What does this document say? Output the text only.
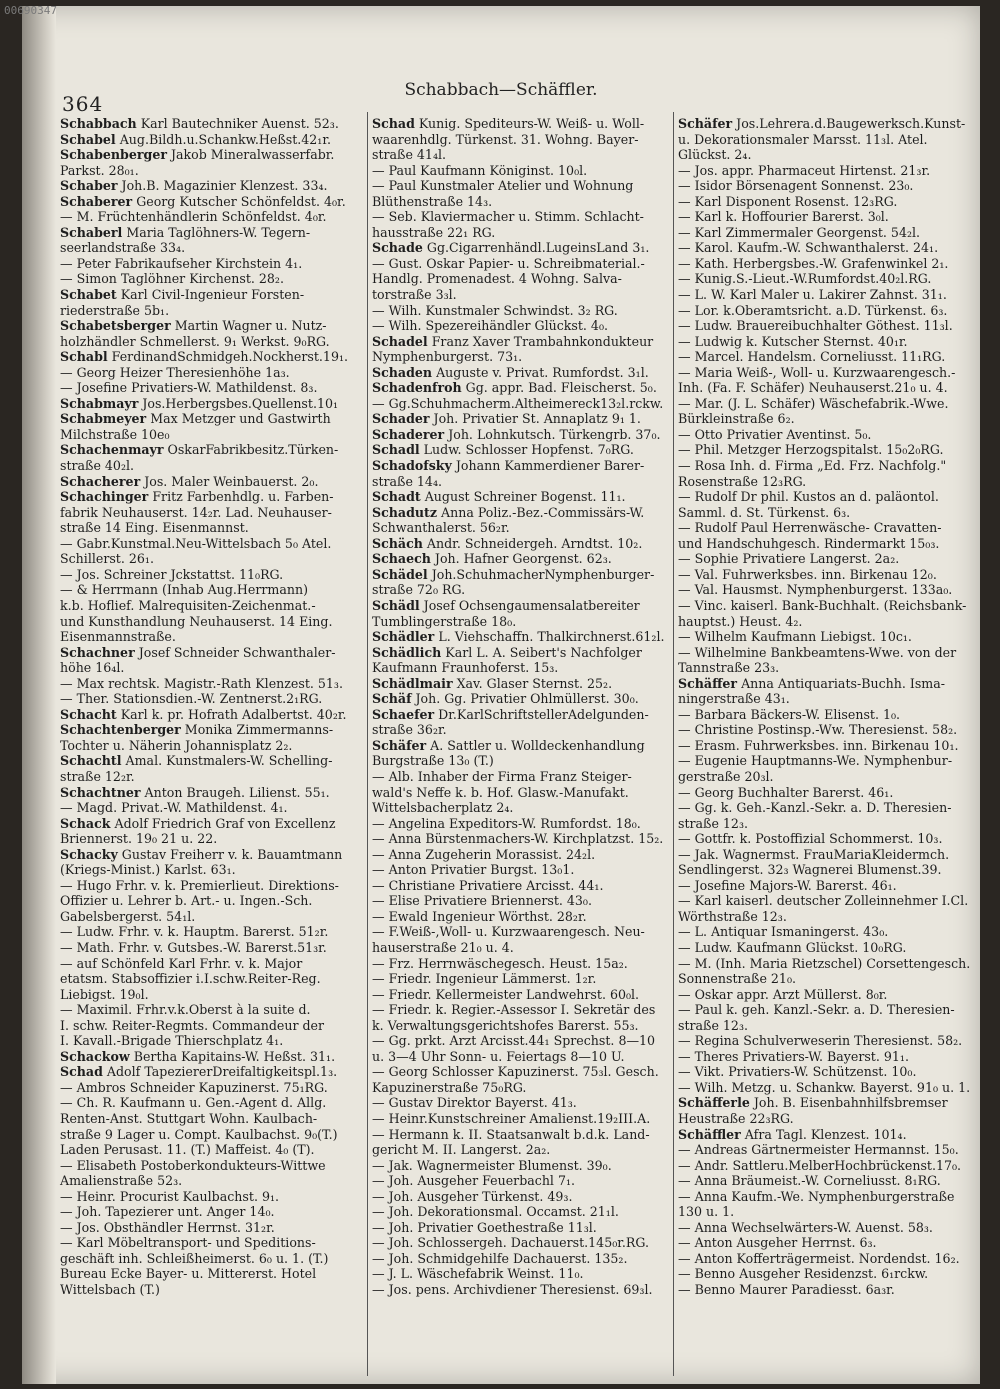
00690347
364
Schabbach—Schäffler.
Schabbach Karl Bautechniker Auenst. 52₃.
Schabel Aug.Bildh.u.Schankw.Heßst.42₁r.
Schabenberger Jakob Mineralwasserfabr.
Parkst. 28₀₁.
Schaber Joh.B. Magazinier Klenzest. 33₄.
Schaberer Georg Kutscher Schönfeldst. 4₀r.
— M. Früchtenhändlerin Schönfeldst. 4₀r.
Schaberl Maria Taglöhners-W. Tegern-
seerlandstraße 33₄.
— Peter Fabrikaufseher Kirchstein 4₁.
— Simon Taglöhner Kirchenst. 28₂.
Schabet Karl Civil-Ingenieur Forsten-
riederstraße 5b₁.
Schabetsberger Martin Wagner u. Nutz-
holzhändler Schmellerst. 9₁ Werkst. 9₀RG.
Schabl FerdinandSchmidgeh.Nockherst.19₁.
— Georg Heizer Theresienhöhe 1a₃.
— Josefine Privatiers-W. Mathildenst. 8₃.
Schabmayr Jos.Herbergsbes.Quellenst.10₁
Schabmeyer Max Metzger und Gastwirth
Milchstraße 10e₀
Schachenmayr OskarFabrikbesitz.Türken-
straße 40₂l.
Schacherer Jos. Maler Weinbauerst. 2₀.
Schachinger Fritz Farbenhdlg. u. Farben-
fabrik Neuhauserst. 14₂r. Lad. Neuhauser-
straße 14 Eing. Eisenmannst.
— Gabr.Kunstmal.Neu-Wittelsbach 5₀ Atel.
Schillerst. 26₁.
— Jos. Schreiner Jckstattst. 11₀RG.
— & Herrmann (Inhab Aug.Herrmann)
k.b. Hoflief. Malrequisiten-Zeichenmat.-
und Kunsthandlung Neuhauserst. 14 Eing.
Eisenmannstraße.
Schachner Josef Schneider Schwanthaler-
höhe 16₄l.
— Max rechtsk. Magistr.-Rath Klenzest. 51₃.
— Ther. Stationsdien.-W. Zentnerst.2₁RG.
Schacht Karl k. pr. Hofrath Adalbertst. 40₂r.
Schachtenberger Monika Zimmermanns-
Tochter u. Näherin Johannisplatz 2₂.
Schachtl Amal. Kunstmalers-W. Schelling-
straße 12₂r.
Schachtner Anton Braugeh. Lilienst. 55₁.
— Magd. Privat.-W. Mathildenst. 4₁.
Schack Adolf Friedrich Graf von Excellenz
Briennerst. 19₀ 21 u. 22.
Schacky Gustav Freiherr v. k. Bauamtmann
(Kriegs-Minist.) Karlst. 63₁.
— Hugo Frhr. v. k. Premierlieut. Direktions-
Offizier u. Lehrer b. Art.- u. Ingen.-Sch.
Gabelsbergerst. 54₁l.
— Ludw. Frhr. v. k. Hauptm. Barerst. 51₂r.
— Math. Frhr. v. Gutsbes.-W. Barerst.51₃r.
— auf Schönfeld Karl Frhr. v. k. Major
etatsm. Stabsoffizier i.I.schw.Reiter-Reg.
Liebigst. 19₀l.
— Maximil. Frhr.v.k.Oberst à la suite d.
I. schw. Reiter-Regmts. Commandeur der
I. Kavall.-Brigade Thierschplatz 4₁.
Schackow Bertha Kapitains-W. Heßst. 31₁.
Schad Adolf TapeziererDreifaltigkeitspl.1₃.
— Ambros Schneider Kapuzinerst. 75₁RG.
— Ch. R. Kaufmann u. Gen.-Agent d. Allg.
Renten-Anst. Stuttgart Wohn. Kaulbach-
straße 9 Lager u. Compt. Kaulbachst. 9₀(T.)
Laden Perusast. 11. (T.) Maffeist. 4₀ (T).
— Elisabeth Postoberkondukteurs-Wittwe
Amalienstraße 52₃.
— Heinr. Procurist Kaulbachst. 9₁.
— Joh. Tapezierer unt. Anger 14₀.
— Jos. Obsthändler Herrnst. 31₂r.
— Karl Möbeltransport- und Speditions-
geschäft inh. Schleißheimerst. 6₀ u. 1. (T.)
Bureau Ecke Bayer- u. Mittererst. Hotel
Wittelsbach (T.)
Schad Kunig. Spediteurs-W. Weiß- u. Woll-
waarenhdlg. Türkenst. 31. Wohng. Bayer-
straße 41₄l.
— Paul Kaufmann Königinst. 10₀l.
— Paul Kunstmaler Atelier und Wohnung
Blüthenstraße 14₃.
— Seb. Klaviermacher u. Stimm. Schlacht-
hausstraße 22₁ RG.
Schade Gg.Cigarrenhändl.LugeinsLand 3₁.
— Gust. Oskar Papier- u. Schreibmaterial.-
Handlg. Promenadest. 4 Wohng. Salva-
torstraße 3₃l.
— Wilh. Kunstmaler Schwindst. 3₂ RG.
— Wilh. Spezereihändler Glückst. 4₀.
Schadel Franz Xaver Trambahnkondukteur
Nymphenburgerst. 73₁.
Schaden Auguste v. Privat. Rumfordst. 3₁l.
Schadenfroh Gg. appr. Bad. Fleischerst. 5₀.
— Gg.Schuhmacherm.Altheimereck13₂l.rckw.
Schader Joh. Privatier St. Annaplatz 9₁ 1.
Schaderer Joh. Lohnkutsch. Türkengrb. 37₀.
Schadl Ludw. Schlosser Hopfenst. 7₀RG.
Schadofsky Johann Kammerdiener Barer-
straße 14₄.
Schadt August Schreiner Bogenst. 11₁.
Schadutz Anna Poliz.-Bez.-Commissärs-W.
Schwanthalerst. 56₂r.
Schäch Andr. Schneidergeh. Arndtst. 10₂.
Schaech Joh. Hafner Georgenst. 62₃.
Schädel Joh.SchuhmacherNymphenburger-
straße 72₀ RG.
Schädl Josef Ochsengaumensalatbereiter
Tumblingerstraße 18₀.
Schädler L. Viehschaffn. Thalkirchnerst.61₂l.
Schädlich Karl L. A. Seibert's Nachfolger
Kaufmann Fraunhoferst. 15₃.
Schädlmair Xav. Glaser Sternst. 25₂.
Schäf Joh. Gg. Privatier Ohlmüllerst. 30₀.
Schaefer Dr.KarlSchriftstellerAdelgunden-
straße 36₂r.
Schäfer A. Sattler u. Wolldeckenhandlung
Burgstraße 13₀ (T.)
— Alb. Inhaber der Firma Franz Steiger-
wald's Neffe k. b. Hof. Glasw.-Manufakt.
Wittelsbacherplatz 2₄.
— Angelina Expeditors-W. Rumfordst. 18₀.
— Anna Bürstenmachers-W. Kirchplatzst. 15₂.
— Anna Zugeherin Morassist. 24₂l.
— Anton Privatier Burgst. 13₀1.
— Christiane Privatiere Arcisst. 44₁.
— Elise Privatiere Briennerst. 43₀.
— Ewald Ingenieur Wörthst. 28₂r.
— F.Weiß-,Woll- u. Kurzwaarengesch. Neu-
hauserstraße 21₀ u. 4.
— Frz. Herrnwäschegesch. Heust. 15a₂.
— Friedr. Ingenieur Lämmerst. 1₂r.
— Friedr. Kellermeister Landwehrst. 60₀l.
— Friedr. k. Regier.-Assessor I. Sekretär des
k. Verwaltungsgerichtshofes Barerst. 55₃.
— Gg. prkt. Arzt Arcisst.44₁ Sprechst. 8—10
u. 3—4 Uhr Sonn- u. Feiertags 8—10 U.
— Georg Schlosser Kapuzinerst. 75₃l. Gesch.
Kapuzinerstraße 75₀RG.
— Gustav Direktor Bayerst. 41₃.
— Heinr.Kunstschreiner Amalienst.19₂III.A.
— Hermann k. II. Staatsanwalt b.d.k. Land-
gericht M. II. Langerst. 2a₂.
— Jak. Wagnermeister Blumenst. 39₀.
— Joh. Ausgeher Feuerbachl 7₁.
— Joh. Ausgeher Türkenst. 49₃.
— Joh. Dekorationsmal. Occamst. 21₁l.
— Joh. Privatier Goethestraße 11₃l.
— Joh. Schlossergeh. Dachauerst.145₀r.RG.
— Joh. Schmidgehilfe Dachauerst. 135₂.
— J. L. Wäschefabrik Weinst. 11₀.
— Jos. pens. Archivdiener Theresienst. 69₃l.
Schäfer Jos.Lehrera.d.Baugewerksch.Kunst-
u. Dekorationsmaler Marsst. 11₃l. Atel.
Glückst. 2₄.
— Jos. appr. Pharmaceut Hirtenst. 21₃r.
— Isidor Börsenagent Sonnenst. 23₀.
— Karl Disponent Rosenst. 12₃RG.
— Karl k. Hoffourier Barerst. 3₀l.
— Karl Zimmermaler Georgenst. 54₂l.
— Karol. Kaufm.-W. Schwanthalerst. 24₁.
— Kath. Herbergsbes.-W. Grafenwinkel 2₁.
— Kunig.S.-Lieut.-W.Rumfordst.40₂l.RG.
— L. W. Karl Maler u. Lakirer Zahnst. 31₁.
— Lor. k.Oberamtsricht. a.D. Türkenst. 6₃.
— Ludw. Brauereibuchhalter Göthest. 11₃l.
— Ludwig k. Kutscher Sternst. 40₁r.
— Marcel. Handelsm. Corneliusst. 11₁RG.
— Maria Weiß-, Woll- u. Kurzwaarengesch.-
Inh. (Fa. F. Schäfer) Neuhauserst.21₀ u. 4.
— Mar. (J. L. Schäfer) Wäschefabrik.-Wwe.
Bürkleinstraße 6₂.
— Otto Privatier Aventinst. 5₀.
— Phil. Metzger Herzogspitalst. 15₀2₀RG.
— Rosa Inh. d. Firma „Ed. Frz. Nachfolg."
Rosenstraße 12₃RG.
— Rudolf Dr phil. Kustos an d. paläontol.
Samml. d. St. Türkenst. 6₃.
— Rudolf Paul Herrenwäsche- Cravatten-
und Handschuhgesch. Rindermarkt 15₀₃.
— Sophie Privatiere Langerst. 2a₂.
— Val. Fuhrwerksbes. inn. Birkenau 12₀.
— Val. Hausmst. Nymphenburgerst. 133a₀.
— Vinc. kaiserl. Bank-Buchhalt. (Reichsbank-
hauptst.) Heust. 4₂.
— Wilhelm Kaufmann Liebigst. 10c₁.
— Wilhelmine Bankbeamtens-Wwe. von der
Tannstraße 23₃.
Schäffer Anna Antiquariats-Buchh. Isma-
ningerstraße 43₁.
— Barbara Bäckers-W. Elisenst. 1₀.
— Christine Postinsp.-Ww. Theresienst. 58₂.
— Erasm. Fuhrwerksbes. inn. Birkenau 10₁.
— Eugenie Hauptmanns-We. Nymphenbur-
gerstraße 20₃l.
— Georg Buchhalter Barerst. 46₁.
— Gg. k. Geh.-Kanzl.-Sekr. a. D. Theresien-
straße 12₃.
— Gottfr. k. Postoffizial Schommerst. 10₃.
— Jak. Wagnermst. FrauMariaKleidermch.
Sendlingerst. 32₃ Wagnerei Blumenst.39.
— Josefine Majors-W. Barerst. 46₁.
— Karl kaiserl. deutscher Zolleinnehmer I.Cl.
Wörthstraße 12₃.
— L. Antiquar Ismaningerst. 43₀.
— Ludw. Kaufmann Glückst. 10₀RG.
— M. (Inh. Maria Rietzschel) Corsettengesch.
Sonnenstraße 21₀.
— Oskar appr. Arzt Müllerst. 8₀r.
— Paul k. geh. Kanzl.-Sekr. a. D. Theresien-
straße 12₃.
— Regina Schulverweserin Theresienst. 58₂.
— Theres Privatiers-W. Bayerst. 91₁.
— Vikt. Privatiers-W. Schützenst. 10₀.
— Wilh. Metzg. u. Schankw. Bayerst. 91₀ u. 1.
Schäfferle Joh. B. Eisenbahnhilfsbremser
Heustraße 22₃RG.
Schäffler Afra Tagl. Klenzest. 101₄.
— Andreas Gärtnermeister Hermannst. 15₀.
— Andr. Sattleru.MelberHochbrückenst.17₀.
— Anna Bräumeist.-W. Corneliusst. 8₁RG.
— Anna Kaufm.-We. Nymphenburgerstraße
130 u. 1.
— Anna Wechselwärters-W. Auenst. 58₃.
— Anton Ausgeher Herrnst. 6₃.
— Anton Kofferträgermeist. Nordendst. 16₂.
— Benno Ausgeher Residenzst. 6₁rckw.
— Benno Maurer Paradiesst. 6a₃r.
